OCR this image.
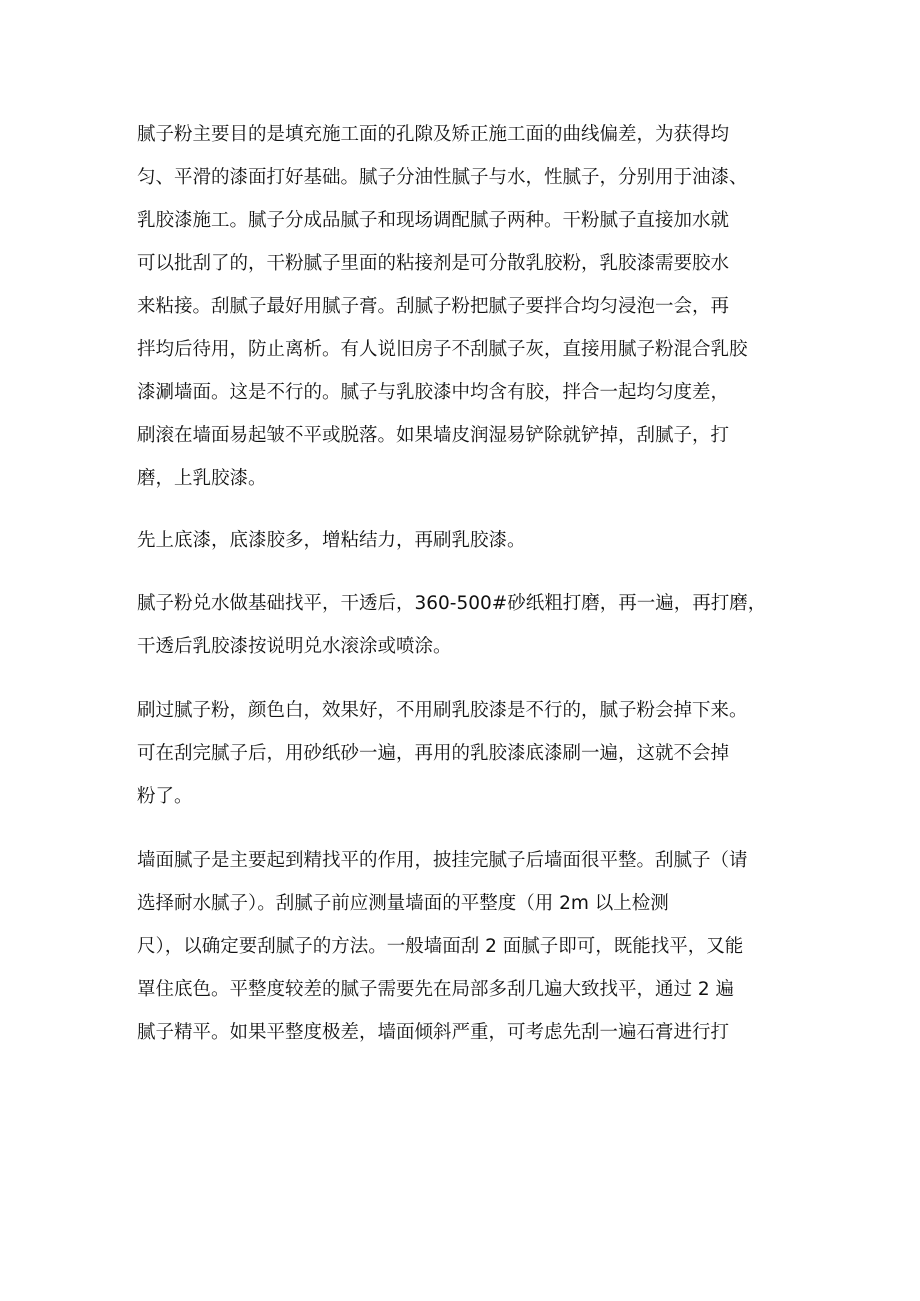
腻子粉主要目的是填充施工面的孔隙及矫正施工面的曲线偏差，为获得均
匀、平滑的漆面打好基础。腻子分油性腻子与水，性腻子，分别用于油漆、
乳胶漆施工。腻子分成品腻子和现场调配腻子两种。干粉腻子直接加水就
可以批刮了的，干粉腻子里面的粘接剂是可分散乳胶粉，乳胶漆需要胶水
来粘接。刮腻子最好用腻子膏。刮腻子粉把腻子要拌合均匀浸泡一会，再
拌均后待用，防止离析。有人说旧房子不刮腻子灰，直接用腻子粉混合乳胶
漆涮墙面。这是不行的。腻子与乳胶漆中均含有胶，拌合一起均匀度差，
刷滚在墙面易起皱不平或脱落。如果墙皮润湿易铲除就铲掉，刮腻子，打
磨，上乳胶漆。
先上底漆，底漆胶多，增粘结力，再刷乳胶漆。
腻子粉兑水做基础找平，干透后，360-500#砂纸粗打磨，再一遍，再打磨，
干透后乳胶漆按说明兑水滚涂或喷涂。
刷过腻子粉，颜色白，效果好，不用刷乳胶漆是不行的，腻子粉会掉下来。
可在刮完腻子后，用砂纸砂一遍，再用的乳胶漆底漆刷一遍，这就不会掉
粉了。
墙面腻子是主要起到精找平的作用，披挂完腻子后墙面很平整。刮腻子（请
选择耐水腻子）。刮腻子前应测量墙面的平整度（用 2m 以上检测
尺），以确定要刮腻子的方法。一般墙面刮 2 面腻子即可，既能找平，又能
罩住底色。平整度较差的腻子需要先在局部多刮几遍大致找平，通过 2 遍
腻子精平。如果平整度极差，墙面倾斜严重，可考虑先刮一遍石膏进行打
